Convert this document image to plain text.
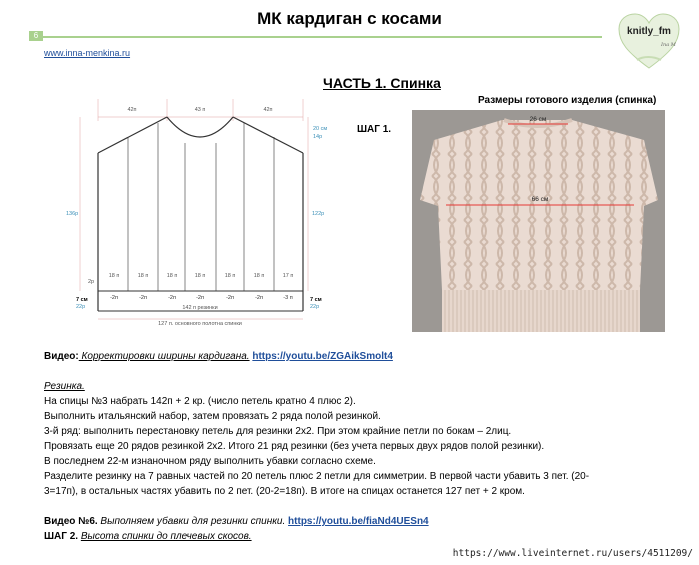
МК кардиган с косами
6
www.inna-menkina.ru
knitly_fm
Ina M
ЧАСТЬ 1. Спинка
Размеры готового изделия (спинка)
ШАГ 1.
42п	43 п	42п
20 см
14р
136р	122р
2р
18 п	18 п	18 п	18 п	18 п	18 п	17 п
-2п	-2п	-2п	-2п	-2п	-2п	-3 п
7 см
22р
7 см
22р
142 п резинки
127 п. основного полотна спинки
26 см
66 см
Видео: Корректировки ширины кардигана. https://youtu.be/ZGAikSmolt4
Резинка.
На спицы №3 набрать 142п + 2 кр. (число петель кратно 4 плюс 2).
Выполнить итальянский набор, затем провязать 2 ряда полой резинкой.
3-й ряд: выполнить перестановку петель для резинки 2х2. При этом крайние петли по бокам – 2лиц.
Провязать еще 20 рядов резинкой 2х2. Итого 21 ряд резинки (без учета первых двух рядов полой резинки).
В последнем 22-м изнаночном ряду выполнить убавки согласно схеме.
Разделите резинку на 7 равных частей по 20 петель плюс 2 петли для симметрии. В первой части убавить 3 пет. (20-
3=17п), в остальных частях убавить по 2 пет. (20-2=18п). В итоге на спицах останется 127 пет + 2 кром.
Видео №6. Выполняем убавки для резинки спинки. https://youtu.be/fiaNd4UESn4
ШАГ 2. Высота спинки до плечевых скосов.
https://www.liveinternet.ru/users/4511209/
